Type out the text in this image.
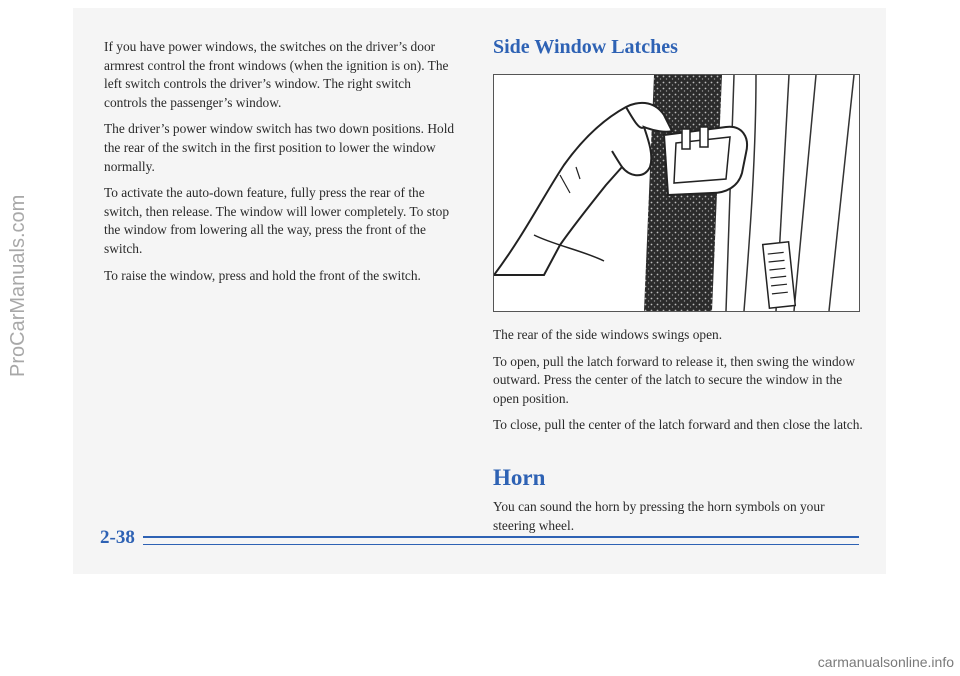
If you have power windows, the switches on the driver’s door armrest control the front windows (when the ignition is on). The left switch controls the driver’s window. The right switch controls the passenger’s window.

The driver’s power window switch has two down positions. Hold the rear of the switch in the first position to lower the window normally.

To activate the auto-down feature, fully press the rear of the switch, then release. The window will lower completely. To stop the window from lowering all the way, press the front of the switch.

To raise the window, press and hold the front of the switch.

Side Window Latches

The rear of the side windows swings open.

To open, pull the latch forward to release it, then swing the window outward. Press the center of the latch to secure the window in the open position.

To close, pull the center of the latch forward and then close the latch.

Horn

You can sound the horn by pressing the horn symbols on your steering wheel.

2-38
ProCarManuals.com
carmanualsonline.info
